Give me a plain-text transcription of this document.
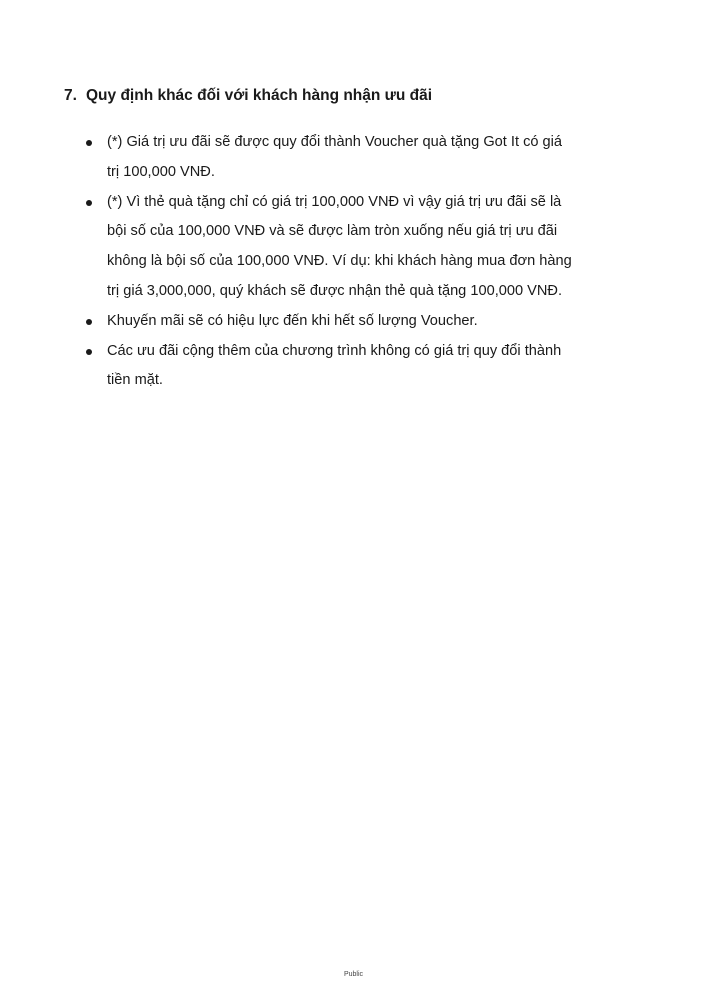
7. Quy định khác đối với khách hàng nhận ưu đãi
(*) Giá trị ưu đãi sẽ được quy đổi thành Voucher quà tặng Got It có giá
trị 100,000 VNĐ.
(*) Vì thẻ quà tặng chỉ có giá trị 100,000 VNĐ vì vậy giá trị ưu đãi sẽ là
bội số của 100,000 VNĐ và sẽ được làm tròn xuống nếu giá trị ưu đãi
không là bội số của 100,000 VNĐ. Ví dụ: khi khách hàng mua đơn hàng
trị giá 3,000,000, quý khách sẽ được nhận thẻ quà tặng 100,000 VNĐ.
Khuyến mãi sẽ có hiệu lực đến khi hết số lượng Voucher.
Các ưu đãi cộng thêm của chương trình không có giá trị quy đổi thành
tiền mặt.
Public
